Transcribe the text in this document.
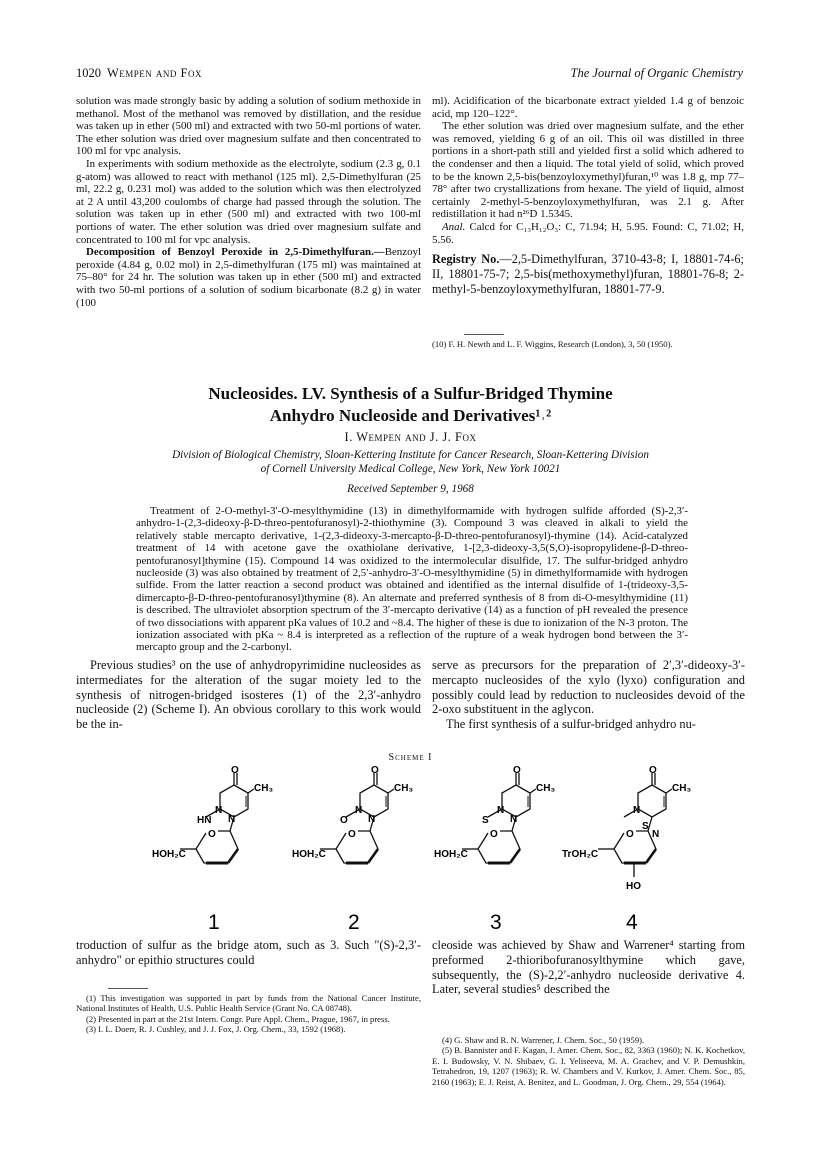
1020 Wempen and Fox	The Journal of Organic Chemistry

solution was made strongly basic by adding a solution of sodium methoxide in methanol. Most of the methanol was removed by distillation, and the residue was taken up in ether (500 ml) and extracted with two 50-ml portions of water. The ether solution was dried over magnesium sulfate and then concentrated to 100 ml for vpc analysis.

In experiments with sodium methoxide as the electrolyte, sodium (2.3 g, 0.1 g-atom) was allowed to react with methanol (125 ml). 2,5-Dimethylfuran (25 ml, 22.2 g, 0.231 mol) was added to the solution which was then electrolyzed at 2 A until 43,200 coulombs of charge had passed through the solution. The solution was taken up in ether (500 ml) and extracted with two 100-ml portions of water. The ether solution was dried over magnesium sulfate and concentrated to 100 ml for vpc analysis.

Decomposition of Benzoyl Peroxide in 2,5-Dimethylfuran.—Benzoyl peroxide (4.84 g, 0.02 mol) in 2,5-dimethylfuran (175 ml) was maintained at 75–80° for 24 hr. The solution was taken up in ether (500 ml) and extracted with two 50-ml portions of a solution of sodium bicarbonate (8.2 g) in water (100

ml). Acidification of the bicarbonate extract yielded 1.4 g of benzoic acid, mp 120–122°.

The ether solution was dried over magnesium sulfate, and the ether was removed, yielding 6 g of an oil. This oil was distilled in three portions in a short-path still and yielded first a solid which adhered to the condenser and then a liquid. The total yield of solid, which proved to be the known 2,5-bis(benzoyloxymethyl)furan,¹⁰ was 1.8 g, mp 77–78° after two crystallizations from hexane. The yield of liquid, almost certainly 2-methyl-5-benzoyloxymethylfuran, was 2.1 g. After redistillation it had n²⁶D 1.5345.

Anal. Calcd for C₁₃H₁₂O₃: C, 71.94; H, 5.95. Found: C, 71.02; H, 5.56.

Registry No.—2,5-Dimethylfuran, 3710-43-8; I, 18801-74-6; II, 18801-75-7; 2,5-bis(methoxymethyl)furan, 18801-76-8; 2-methyl-5-benzoyloxymethylfuran, 18801-77-9.
(10) F. H. Newth and L. F. Wiggins, Research (London), 3, 50 (1950).
Nucleosides. LV. Synthesis of a Sulfur-Bridged Thymine
Anhydro Nucleoside and Derivatives¹˒²
I. Wempen and J. J. Fox
Division of Biological Chemistry, Sloan-Kettering Institute for Cancer Research, Sloan-Kettering Division
of Cornell University Medical College, New York, New York 10021
Received September 9, 1968
Treatment of 2-O-methyl-3′-O-mesylthymidine (13) in dimethylformamide with hydrogen sulfide afforded (S)-2,3′-anhydro-1-(2,3-dideoxy-β-D-threo-pentofuranosyl)-2-thiothymine (3). Compound 3 was cleaved in alkali to yield the relatively stable mercapto derivative, 1-(2,3-dideoxy-3-mercapto-β-D-threo-pentofuranosyl)-thymine (14). Acid-catalyzed treatment of 14 with acetone gave the oxathiolane derivative, 1-[2,3-dideoxy-3,5(S,O)-isopropylidene-β-D-threo-pentofuranosyl]thymine (15). Compound 14 was oxidized to the intermolecular disulfide, 17. The sulfur-bridged anhydro nucleoside (3) was also obtained by treatment of 2,5′-anhydro-3′-O-mesylthymidine (5) in dimethylformamide with hydrogen sulfide. From the latter reaction a second product was obtained and identified as the internal disulfide of 1-(trideoxy-3,5-dimercapto-β-D-threo-pentofuranosyl)thymine (8). An alternate and preferred synthesis of 8 from di-O-mesylthymidine (11) is described. The ultraviolet absorption spectrum of the 3′-mercapto derivative (14) as a function of pH revealed the presence of two dissociations with apparent pKa values of 10.2 and ~8.4. The higher of these is due to ionization of the N-3 proton. The ionization associated with pKa ~ 8.4 is interpreted as a reflection of the rupture of a weak hydrogen bond between the 3′-mercapto group and the 2-carbonyl.

Previous studies³ on the use of anhydropyrimidine nucleosides as intermediates for the alteration of the sugar moiety led to the synthesis of nitrogen-bridged isosteres (1) of the 2,3′-anhydro nucleoside (2) (Scheme I). An obvious corollary to this work would be the in-

serve as precursors for the preparation of 2′,3′-dideoxy-3′-mercapto nucleosides of the xylo (lyxo) configuration and possibly could lead by reduction to nucleosides devoid of the 2-oxo substituent in the aglycon.

The first synthesis of a sulfur-bridged anhydro nu-

Scheme I
O
N
CH₃
HN N
O
HOH₂C
1
O
N
CH₃
O N
O
HOH₂C
2
O
N
CH₃
S N
O
HOH₂C
3
O
N
CH₃
S
N
O
TrOH₂C
HO
4

troduction of sulfur as the bridge atom, such as 3. Such "(S)-2,3′-anhydro" or epithio structures could

cleoside was achieved by Shaw and Warrener⁴ starting from preformed 2-thioribofuranosylthymine which gave, subsequently, the (S)-2,2′-anhydro nucleoside derivative 4. Later, several studies⁵ described the

(1) This investigation was supported in part by funds from the National Cancer Institute, National Institutes of Health, U.S. Public Health Service (Grant No. CA 08748).
(2) Presented in part at the 21st Intern. Congr. Pure Appl. Chem., Prague, 1967, in press.
(3) I. L. Doerr, R. J. Cushley, and J. J. Fox, J. Org. Chem., 33, 1592 (1968).
(4) G. Shaw and R. N. Warrener, J. Chem. Soc., 50 (1959).
(5) B. Bannister and F. Kagan, J. Amer. Chem. Soc., 82, 3363 (1960); N. K. Kochetkov, E. I. Budowsky, V. N. Shibaev, G. I. Yeliseeva, M. A. Grachev, and V. P. Demushkin, Tetrahedron, 19, 1207 (1963); R. W. Chambers and V. Kurkov, J. Amer. Chem. Soc., 85, 2160 (1963); E. J. Reist, A. Benitez, and L. Goodman, J. Org. Chem., 29, 554 (1964).
